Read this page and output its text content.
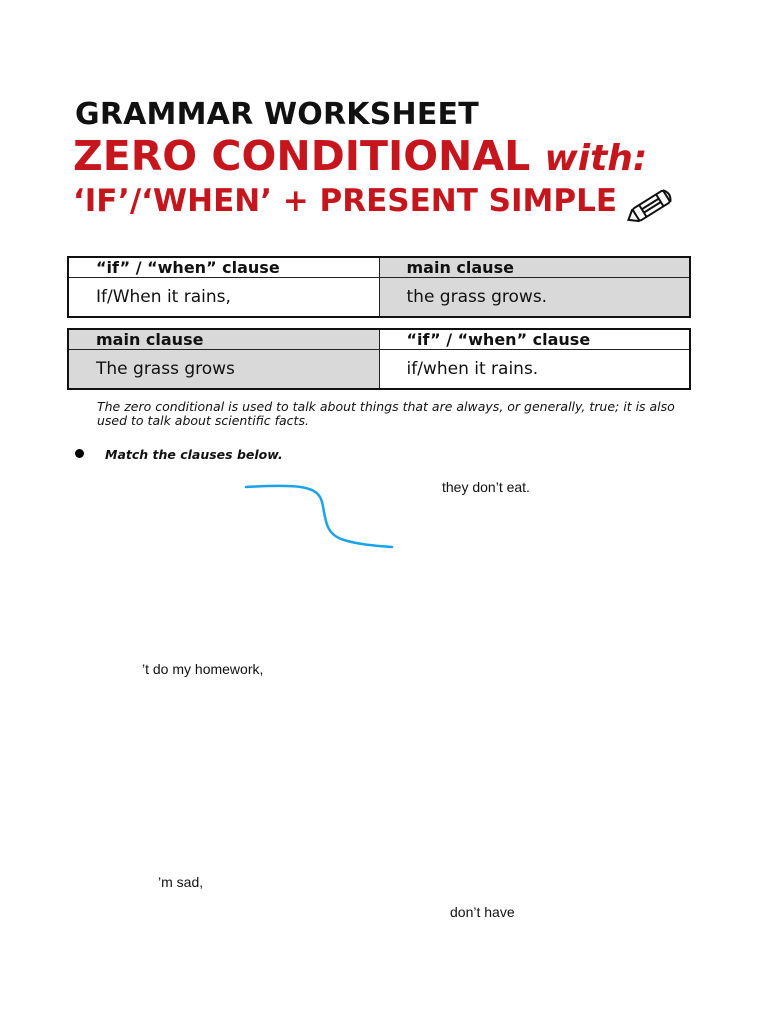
GRAMMAR WORKSHEET
ZERO CONDITIONAL with:
‘IF’/‘WHEN’ + PRESENT SIMPLE
“if” / “when” clause	main clause
If/When it rains,	the grass grows.
main clause	“if” / “when” clause
The grass grows	if/when it rains.
The zero conditional is used to talk about things that are always, or generally, true; it is also used to talk about scientific facts.
Match the clauses below.
they don’t eat.
’t do my homework,
’m sad,
don’t have
